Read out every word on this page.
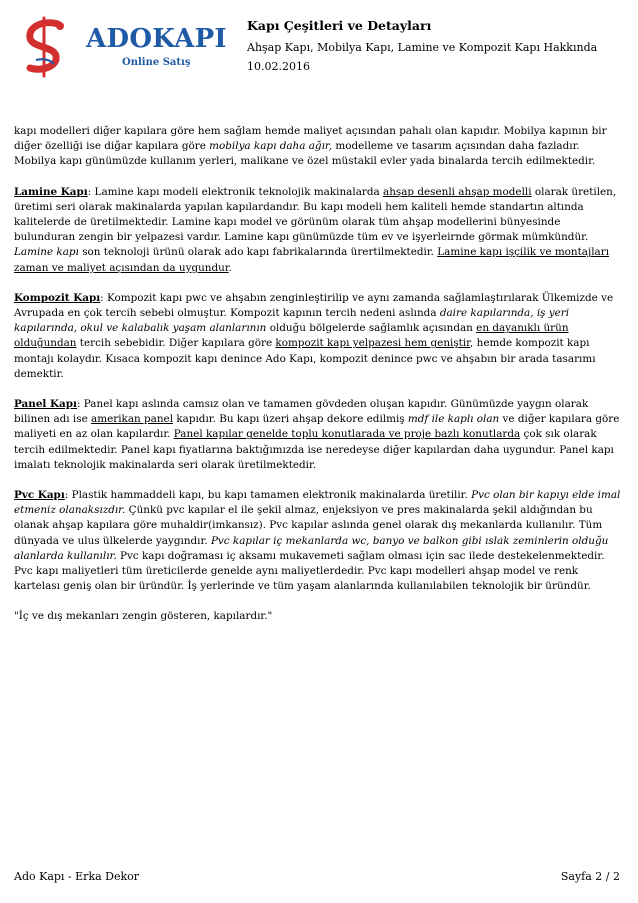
ADOKAPI
Online Satış
Kapı Çeşitleri ve Detayları
Ahşap Kapı, Mobilya Kapı, Lamine ve Kompozit Kapı Hakkında
10.02.2016

kapı modelleri diğer kapılara göre hem sağlam hemde maliyet açısından pahalı olan kapıdır. Mobilya kapının bir diğer özelliği ise diğar kapılara göre mobilya kapı daha ağır, modelleme ve tasarım açısından daha fazladır. Mobilya kapı günümüzde kullanım yerleri, malikane ve özel müstakil evler yada binalarda tercih edilmektedir.

Lamine Kapı: Lamine kapı modeli elektronik teknolojik makinalarda ahşap desenli ahşap modelli olarak üretilen, üretimi seri olarak makinalarda yapılan kapılardandır. Bu kapı modeli hem kaliteli hemde standartın altında kalitelerde de üretilmektedir. Lamine kapı model ve görünüm olarak tüm ahşap modellerini bünyesinde bulunduran zengin bir yelpazesi vardır. Lamine kapı günümüzde tüm ev ve işyerleirnde görmak mümkündür. Lamine kapı son teknoloji ürünü olarak ado kapı fabrikalarında ürertilmektedir. Lamine kapı işçilik ve montajları zaman ve maliyet açısından da uygundur.

Kompozit Kapı: Kompozit kapı pwc ve ahşabın zenginleştirilip ve aynı zamanda sağlamlaştırılarak Ülkemizde ve Avrupada en çok tercih sebebi olmuştur. Kompozit kapının tercih nedeni aslında daire kapılarında, iş yeri kapılarında, okul ve kalabalık yaşam alanlarının olduğu bölgelerde sağlamlık açısından en dayanıklı ürün olduğundan tercih sebebidir. Diğer kapılara göre kompozit kapı yelpazesi hem geniştir, hemde kompozit kapı montajı kolaydır. Kısaca kompozit kapı denince Ado Kapı, kompozit denince pwc ve ahşabın bir arada tasarımı demektir.

Panel Kapı: Panel kapı aslında camsız olan ve tamamen gövdeden oluşan kapıdır. Günümüzde yaygın olarak bilinen adı ise amerikan panel kapıdır. Bu kapı üzeri ahşap dekore edilmiş mdf ile kaplı olan ve diğer kapılara göre maliyeti en az olan kapılardır. Panel kapılar genelde toplu konutlarada ve proje bazlı konutlarda çok sık olarak tercih edilmektedir. Panel kapı fiyatlarına baktığımızda ise neredeyse diğer kapılardan daha uygundur. Panel kapı imalatı teknolojik makinalarda seri olarak üretilmektedir.

Pvc Kapı: Plastik hammaddeli kapı, bu kapı tamamen elektronik makinalarda üretilir. Pvc olan bir kapıyı elde imal etmeniz olanaksızdır. Çünkü pvc kapılar el ile şekil almaz, enjeksiyon ve pres makinalarda şekil aldığından bu olanak ahşap kapılara göre muhaldir(imkansız). Pvc kapılar aslında genel olarak dış mekanlarda kullanılır. Tüm dünyada ve ulus ülkelerde yaygındır. Pvc kapılar iç mekanlarda wc, banyo ve balkon gibi ıslak zeminlerin olduğu alanlarda kullanılır. Pvc kapı doğraması iç aksamı mukavemeti sağlam olması için sac ilede destekelenmektedir. Pvc kapı maliyetleri tüm üreticilerde genelde aynı maliyetlerdedir. Pvc kapı modelleri ahşap model ve renk kartelası geniş olan bir üründür. İş yerlerinde ve tüm yaşam alanlarında kullanılabilen teknolojik bir üründür.

"İç ve dış mekanları zengin gösteren, kapılardır."

Ado Kapı - Erka Dekor	Sayfa 2 / 2
